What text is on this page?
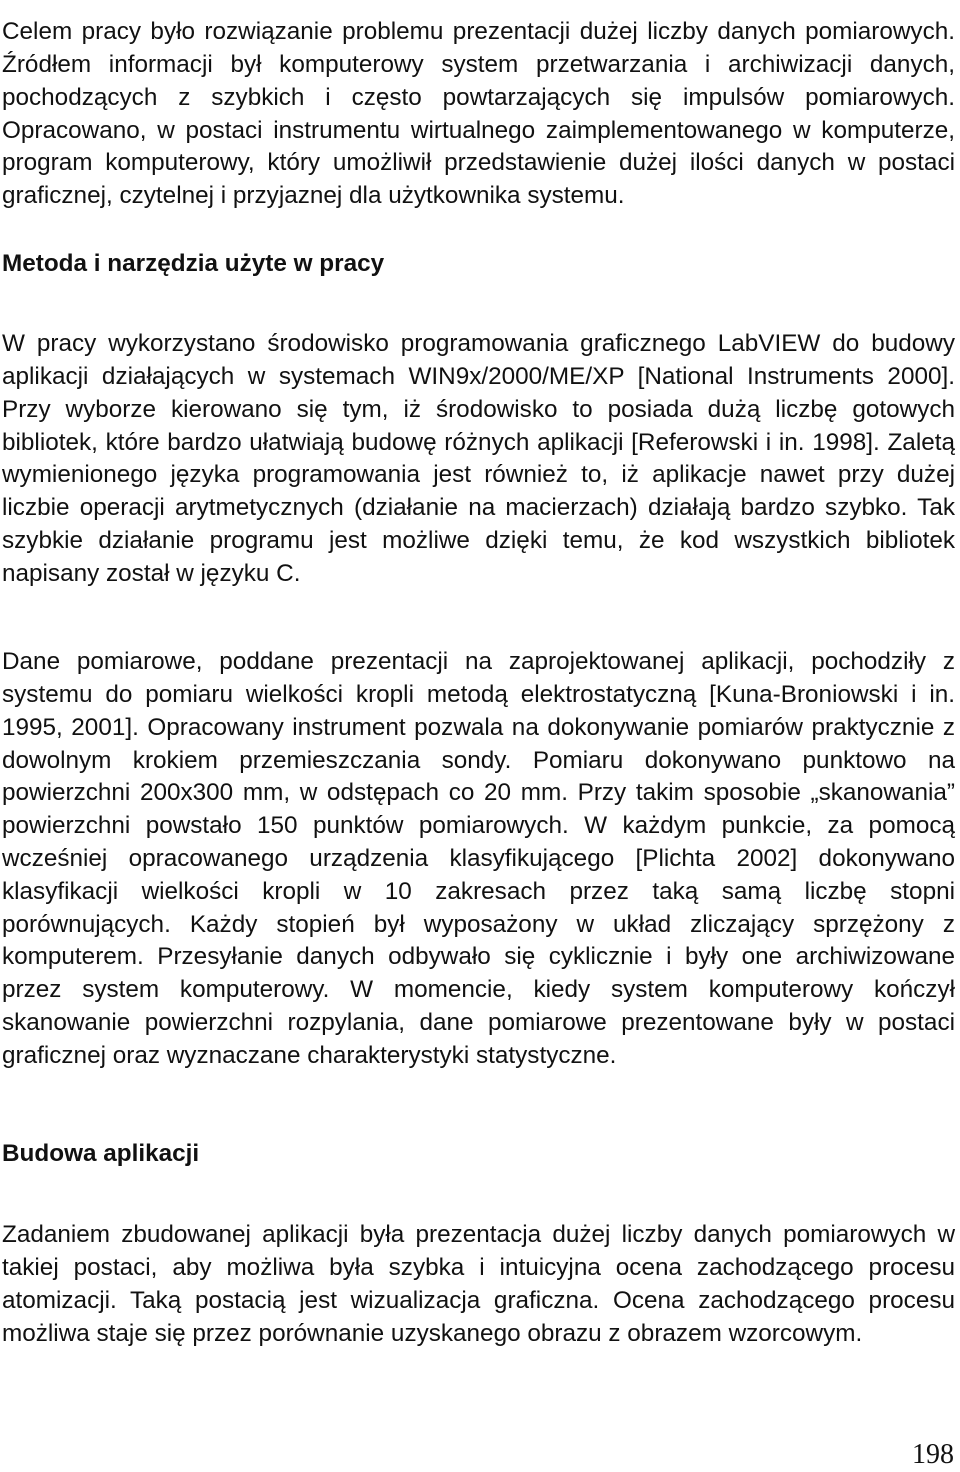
Celem pracy było rozwiązanie problemu prezentacji dużej liczby danych pomiarowych. Źródłem informacji był komputerowy system przetwarzania i archiwizacji danych, pochodzących z szybkich i często powtarzających się impulsów pomiarowych. Opracowano, w postaci instrumentu wirtualnego zaimplementowanego w komputerze, program komputerowy, który umożliwił przedstawienie dużej ilości danych w postaci graficznej, czytelnej i przyjaznej dla użytkownika systemu.

Metoda i narzędzia użyte w pracy

W pracy wykorzystano środowisko programowania graficznego LabVIEW do budowy aplikacji działających w systemach WIN9x/2000/ME/XP [National Instruments 2000]. Przy wyborze kierowano się tym, iż środowisko to posiada dużą liczbę gotowych bibliotek, które bardzo ułatwiają budowę różnych aplikacji [Referowski i in. 1998]. Zaletą wymienionego języka programowania jest również to, iż aplikacje nawet przy dużej liczbie operacji arytmetycznych (działanie na macierzach) działają bardzo szybko. Tak szybkie działanie programu jest możliwe dzięki temu, że kod wszystkich bibliotek napisany został w języku C.

Dane pomiarowe, poddane prezentacji na zaprojektowanej aplikacji, pochodziły z systemu do pomiaru wielkości kropli metodą elektrostatyczną [Kuna-Broniowski i in. 1995, 2001]. Opracowany instrument pozwala na dokonywanie pomiarów praktycznie z dowolnym krokiem przemieszczania sondy. Pomiaru dokonywano punktowo na powierzchni 200x300 mm, w odstępach co 20 mm. Przy takim sposobie „skanowania” powierzchni powstało 150 punktów pomiarowych. W każdym punkcie, za pomocą wcześniej opracowanego urządzenia klasyfikującego [Plichta 2002] dokonywano klasyfikacji wielkości kropli w 10 zakresach przez taką samą liczbę stopni porównujących. Każdy stopień był wyposażony w układ zliczający sprzężony z komputerem. Przesyłanie danych odbywało się cyklicznie i były one archiwizowane przez system komputerowy. W momencie, kiedy system komputerowy kończył skanowanie powierzchni rozpylania, dane pomiarowe prezentowane były w postaci graficznej oraz wyznaczane charakterystyki statystyczne.

Budowa aplikacji

Zadaniem zbudowanej aplikacji była prezentacja dużej liczby danych pomiarowych w takiej postaci, aby możliwa była szybka i intuicyjna ocena zachodzącego procesu atomizacji. Taką postacią jest wizualizacja graficzna. Ocena zachodzącego procesu możliwa staje się przez porównanie uzyskanego obrazu z obrazem wzorcowym.

198
